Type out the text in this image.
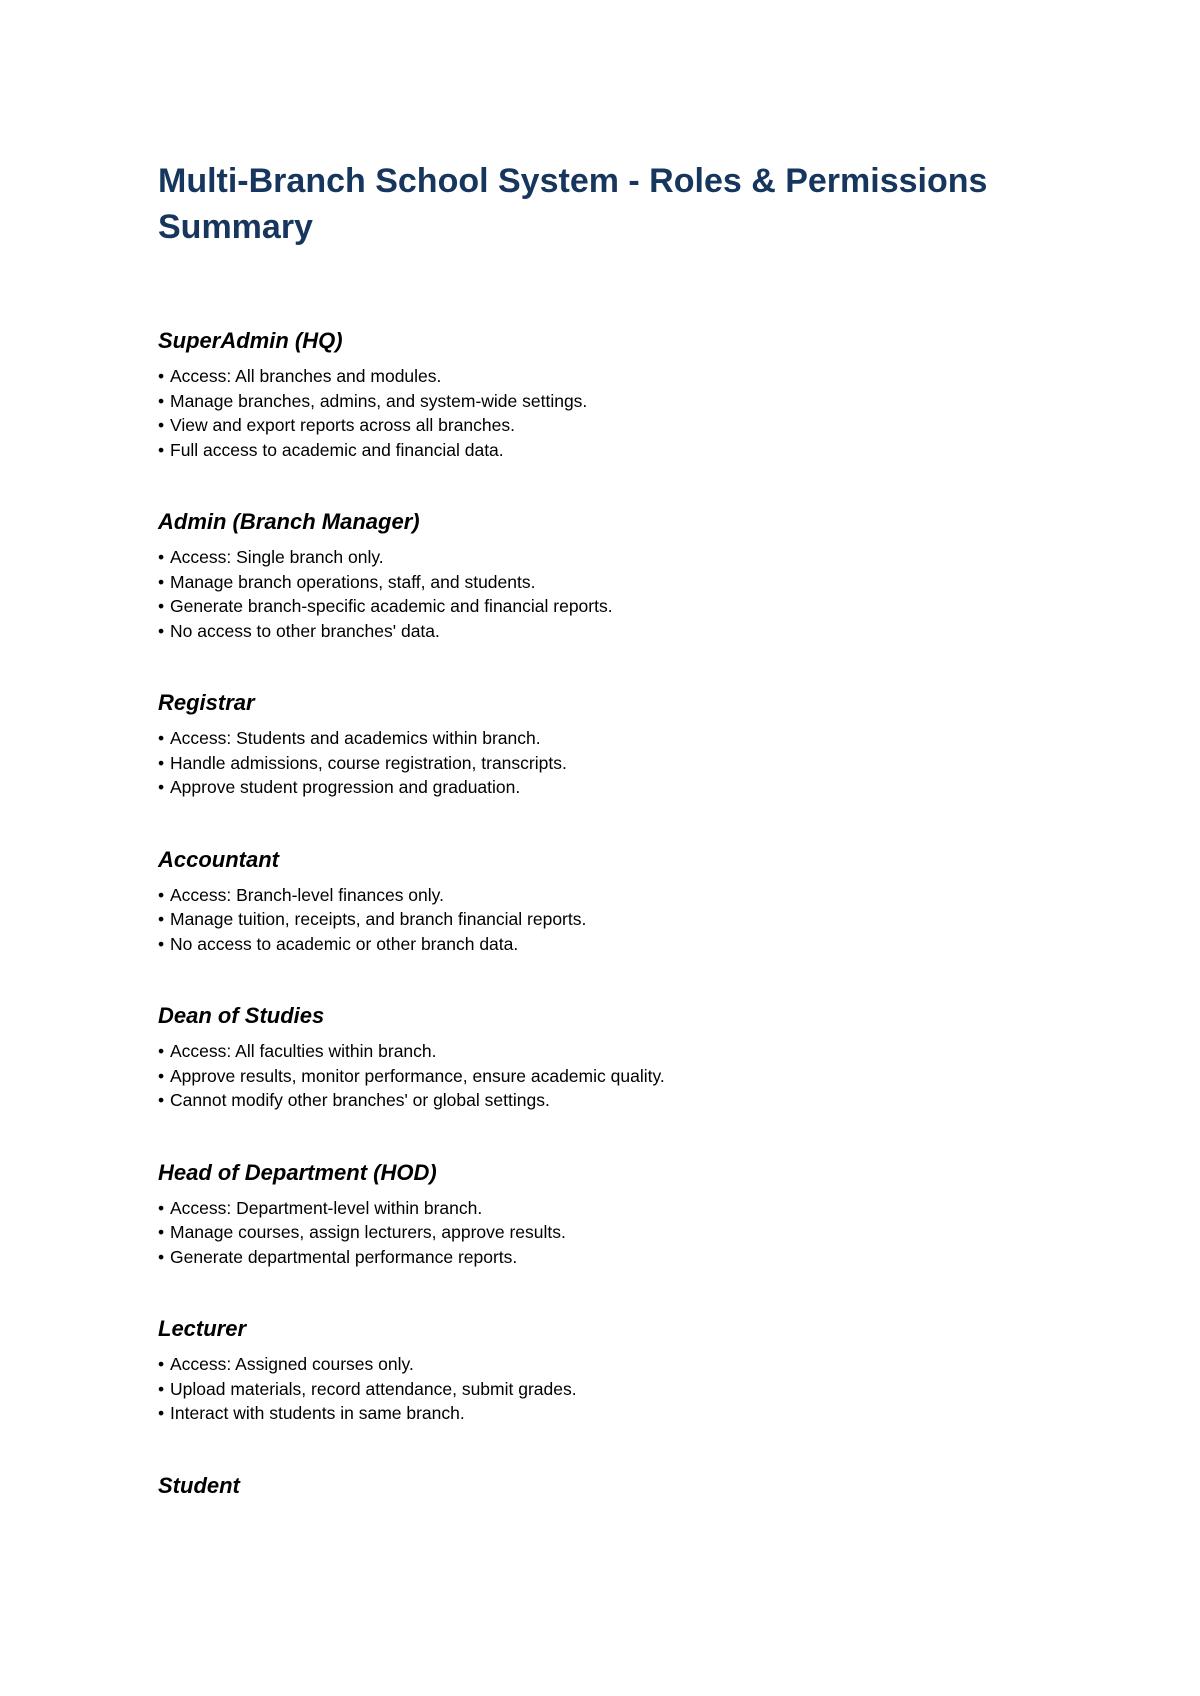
Multi-Branch School System - Roles & Permissions Summary
SuperAdmin (HQ)
• Access: All branches and modules.
• Manage branches, admins, and system-wide settings.
• View and export reports across all branches.
• Full access to academic and financial data.
Admin (Branch Manager)
• Access: Single branch only.
• Manage branch operations, staff, and students.
• Generate branch-specific academic and financial reports.
• No access to other branches' data.
Registrar
• Access: Students and academics within branch.
• Handle admissions, course registration, transcripts.
• Approve student progression and graduation.
Accountant
• Access: Branch-level finances only.
• Manage tuition, receipts, and branch financial reports.
• No access to academic or other branch data.
Dean of Studies
• Access: All faculties within branch.
• Approve results, monitor performance, ensure academic quality.
• Cannot modify other branches' or global settings.
Head of Department (HOD)
• Access: Department-level within branch.
• Manage courses, assign lecturers, approve results.
• Generate departmental performance reports.
Lecturer
• Access: Assigned courses only.
• Upload materials, record attendance, submit grades.
• Interact with students in same branch.
Student
